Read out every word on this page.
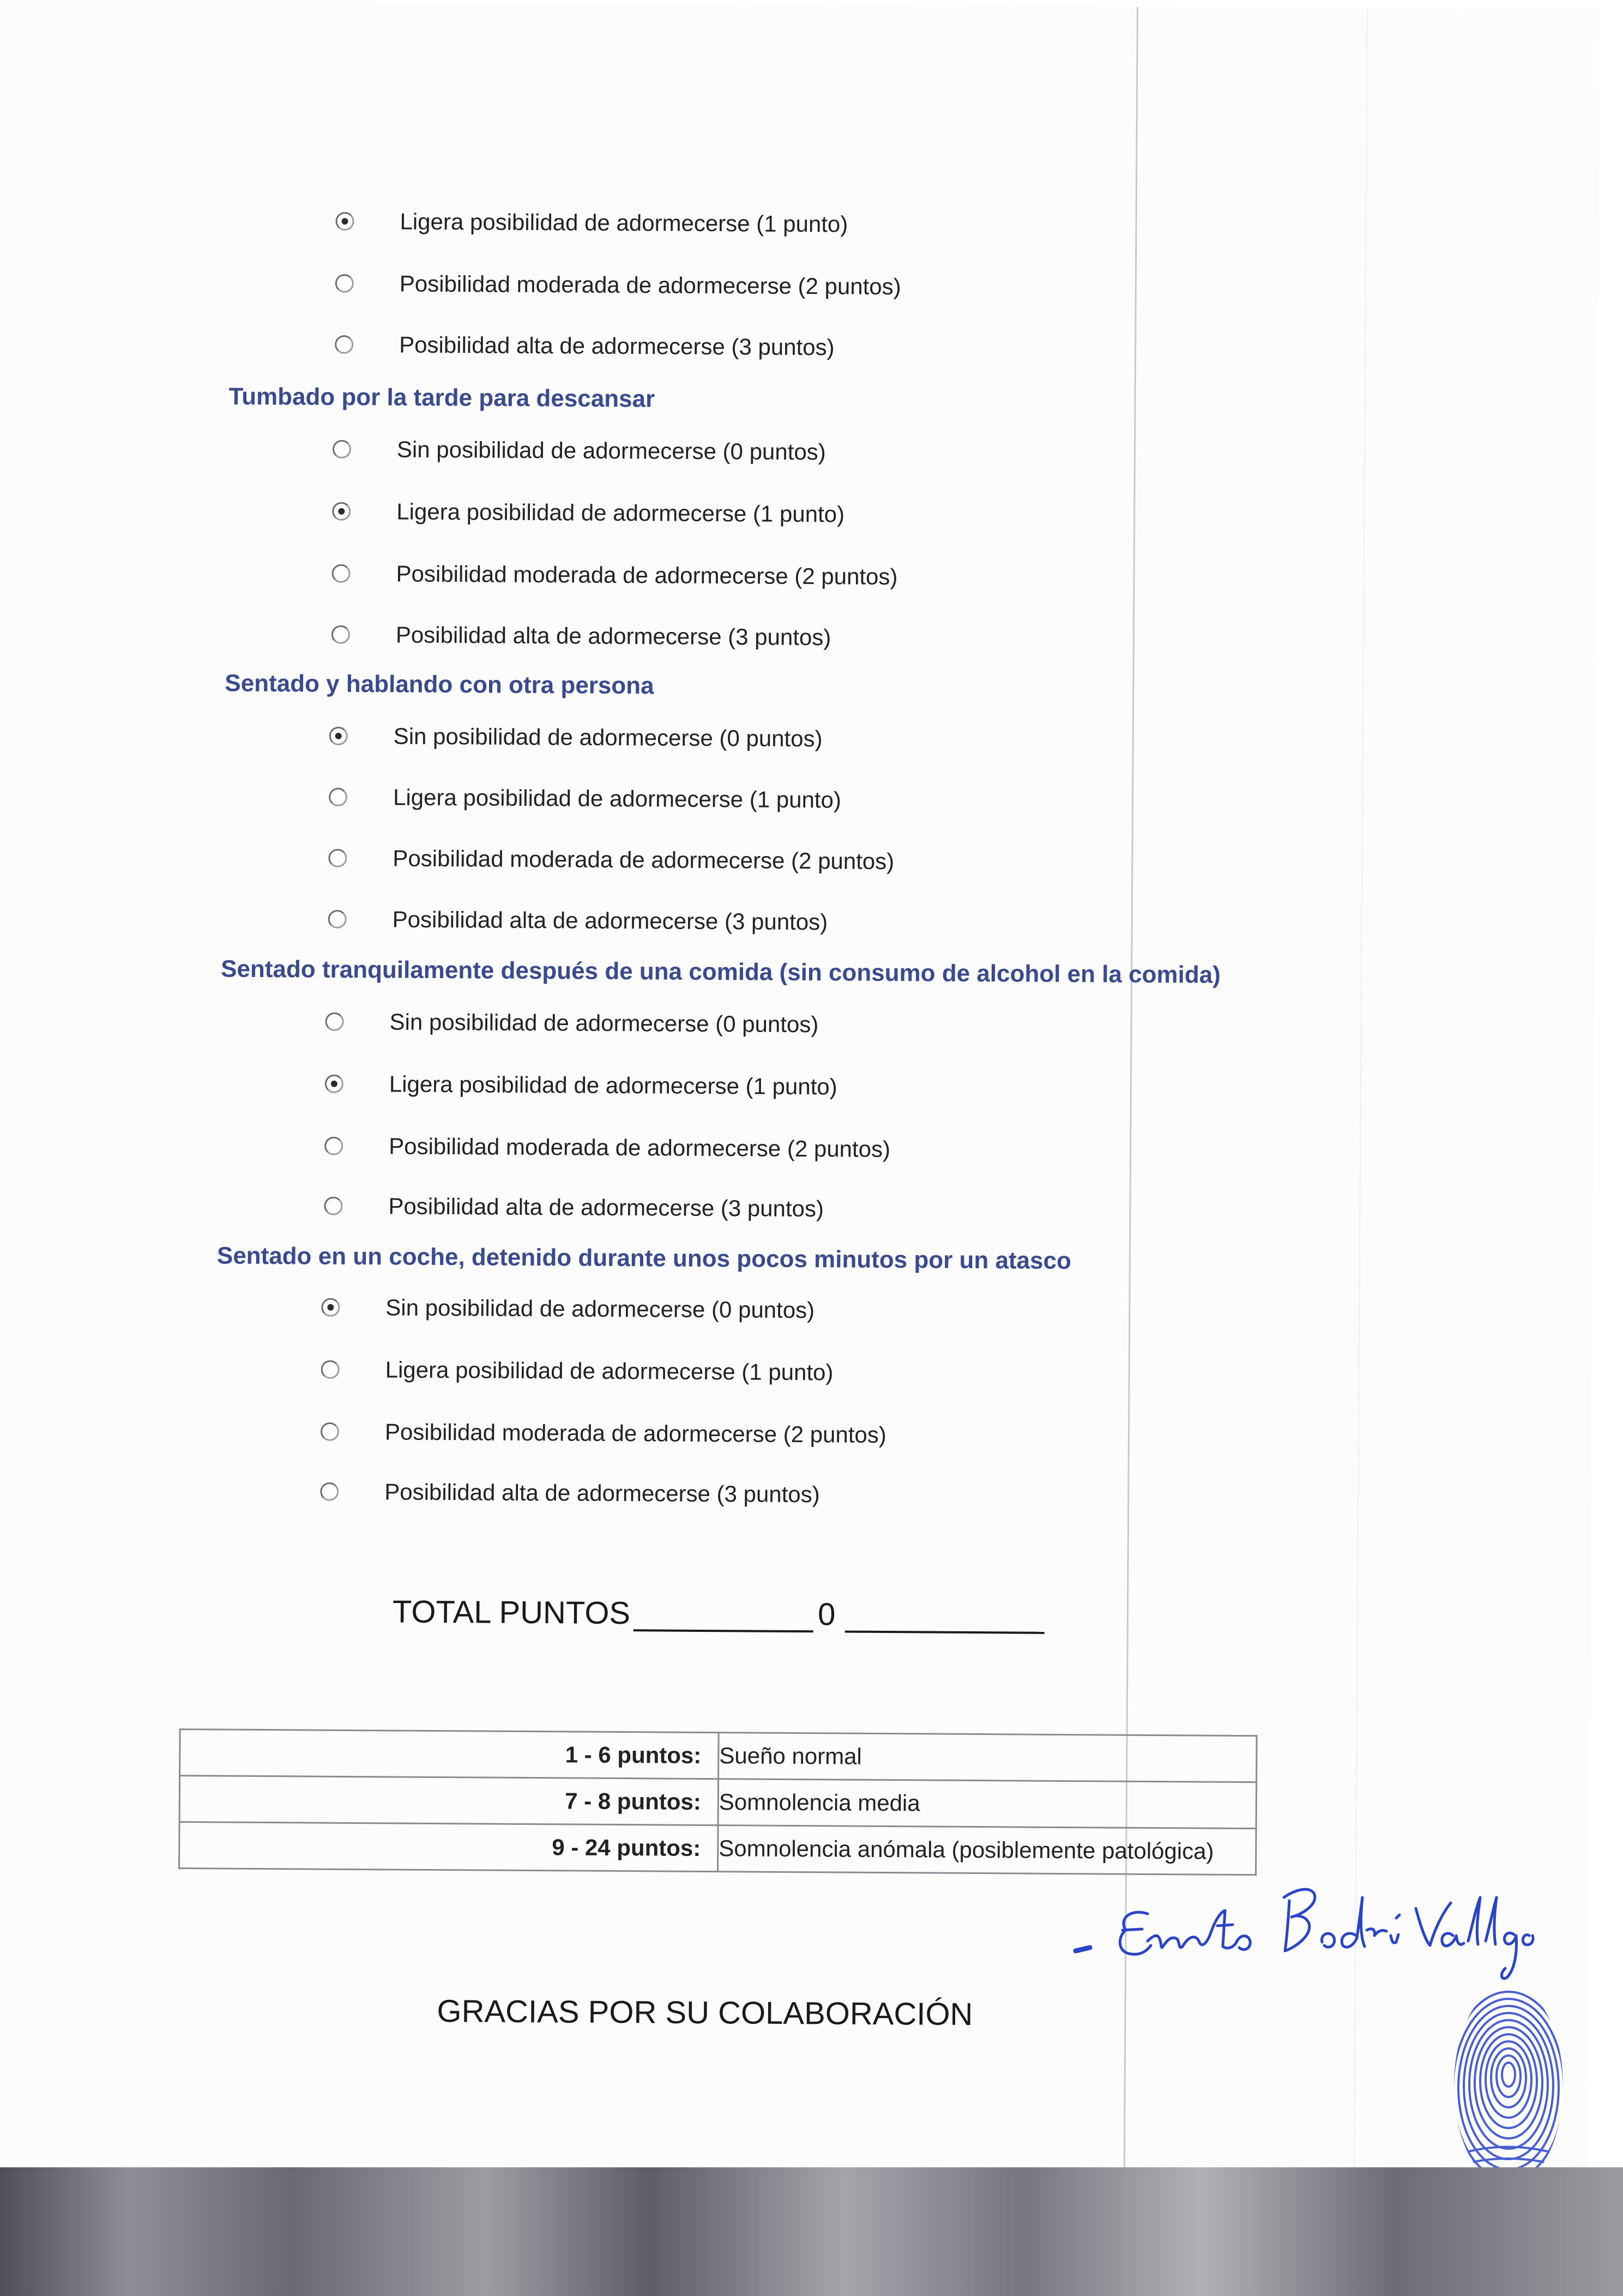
Ligera posibilidad de adormecerse (1 punto)
Posibilidad moderada de adormecerse (2 puntos)
Posibilidad alta de adormecerse (3 puntos)
Tumbado por la tarde para descansar
Sin posibilidad de adormecerse (0 puntos)
Ligera posibilidad de adormecerse (1 punto)
Posibilidad moderada de adormecerse (2 puntos)
Posibilidad alta de adormecerse (3 puntos)
Sentado y hablando con otra persona
Sin posibilidad de adormecerse (0 puntos)
Ligera posibilidad de adormecerse (1 punto)
Posibilidad moderada de adormecerse (2 puntos)
Posibilidad alta de adormecerse (3 puntos)
Sentado tranquilamente después de una comida (sin consumo de alcohol en la comida)
Sin posibilidad de adormecerse (0 puntos)
Ligera posibilidad de adormecerse (1 punto)
Posibilidad moderada de adormecerse (2 puntos)
Posibilidad alta de adormecerse (3 puntos)
Sentado en un coche, detenido durante unos pocos minutos por un atasco
Sin posibilidad de adormecerse (0 puntos)
Ligera posibilidad de adormecerse (1 punto)
Posibilidad moderada de adormecerse (2 puntos)
Posibilidad alta de adormecerse (3 puntos)
TOTAL PUNTOS	0
1 - 6 puntos:	Sueño normal
7 - 8 puntos:	Somnolencia media
9 - 24 puntos:	Somnolencia anómala (posiblemente patológica)
GRACIAS POR SU COLABORACIÓN
